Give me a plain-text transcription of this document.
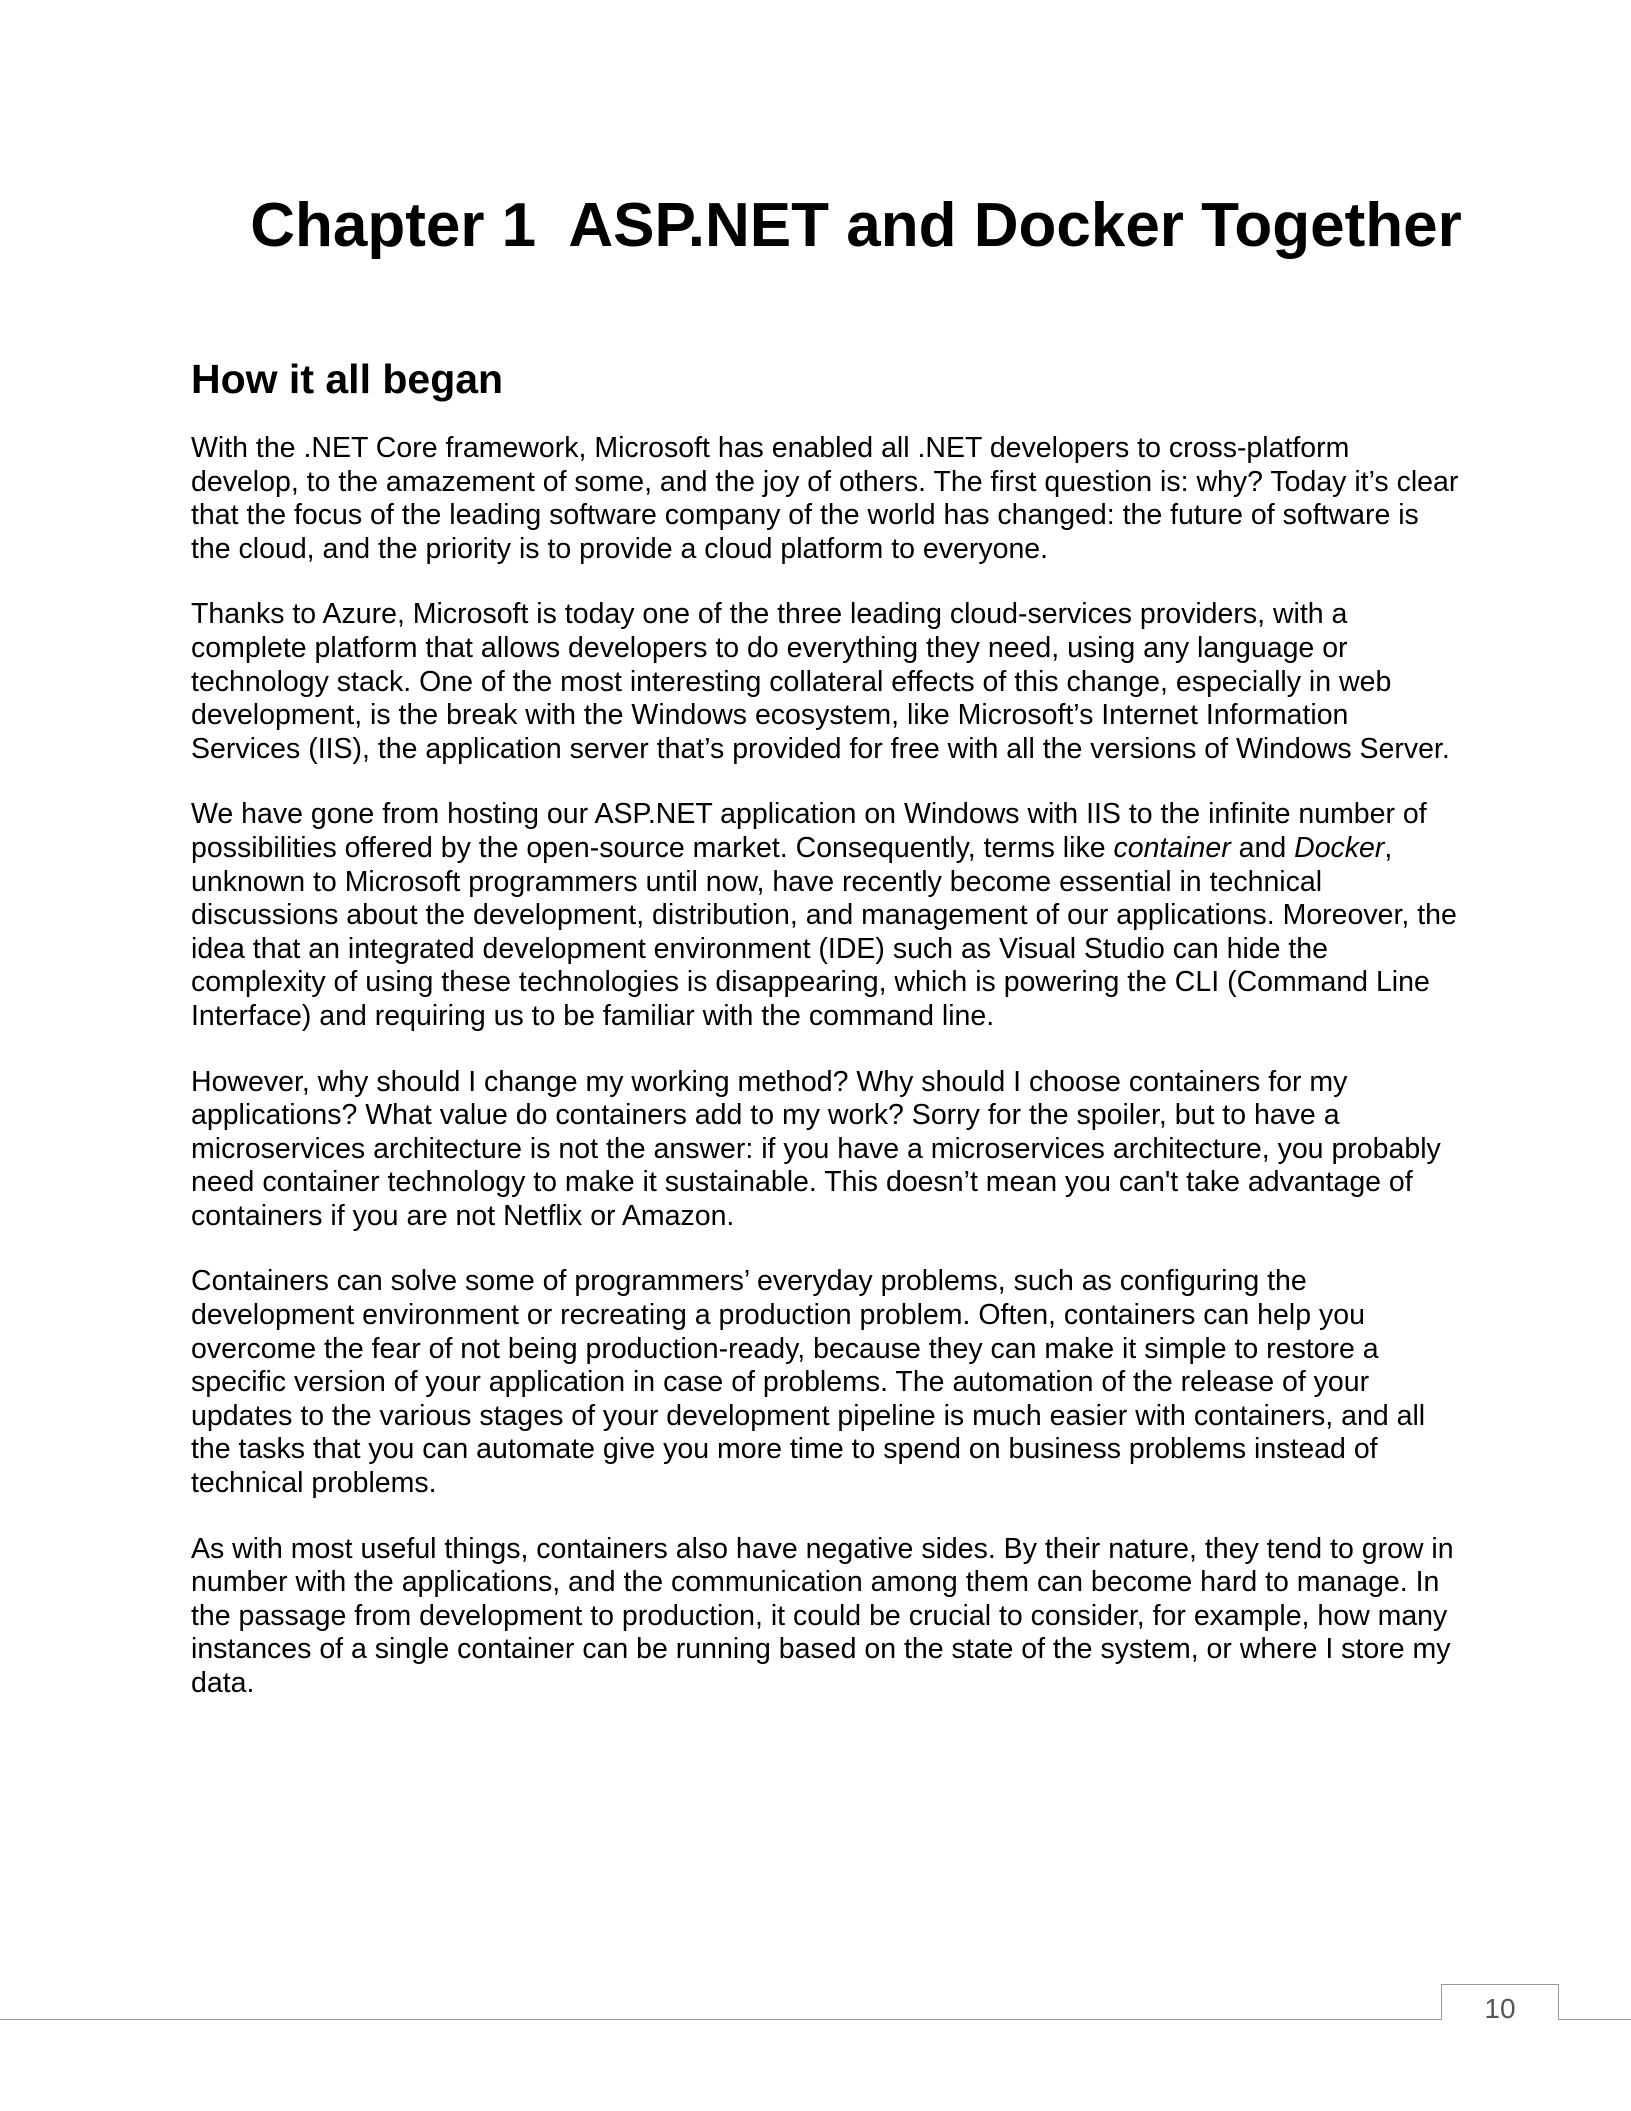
Chapter 1  ASP.NET and Docker Together
How it all began

With the .NET Core framework, Microsoft has enabled all .NET developers to cross-platform develop, to the amazement of some, and the joy of others. The first question is: why? Today it’s clear that the focus of the leading software company of the world has changed: the future of software is the cloud, and the priority is to provide a cloud platform to everyone.

Thanks to Azure, Microsoft is today one of the three leading cloud-services providers, with a complete platform that allows developers to do everything they need, using any language or technology stack. One of the most interesting collateral effects of this change, especially in web development, is the break with the Windows ecosystem, like Microsoft’s Internet Information Services (IIS), the application server that’s provided for free with all the versions of Windows Server.

We have gone from hosting our ASP.NET application on Windows with IIS to the infinite number of possibilities offered by the open-source market. Consequently, terms like container and Docker, unknown to Microsoft programmers until now, have recently become essential in technical discussions about the development, distribution, and management of our applications. Moreover, the idea that an integrated development environment (IDE) such as Visual Studio can hide the complexity of using these technologies is disappearing, which is powering the CLI (Command Line Interface) and requiring us to be familiar with the command line.

However, why should I change my working method? Why should I choose containers for my applications? What value do containers add to my work? Sorry for the spoiler, but to have a microservices architecture is not the answer: if you have a microservices architecture, you probably need container technology to make it sustainable. This doesn’t mean you can't take advantage of containers if you are not Netflix or Amazon.

Containers can solve some of programmers’ everyday problems, such as configuring the development environment or recreating a production problem. Often, containers can help you overcome the fear of not being production-ready, because they can make it simple to restore a specific version of your application in case of problems. The automation of the release of your updates to the various stages of your development pipeline is much easier with containers, and all the tasks that you can automate give you more time to spend on business problems instead of technical problems.

As with most useful things, containers also have negative sides. By their nature, they tend to grow in number with the applications, and the communication among them can become hard to manage. In the passage from development to production, it could be crucial to consider, for example, how many instances of a single container can be running based on the state of the system, or where I store my data.

10
